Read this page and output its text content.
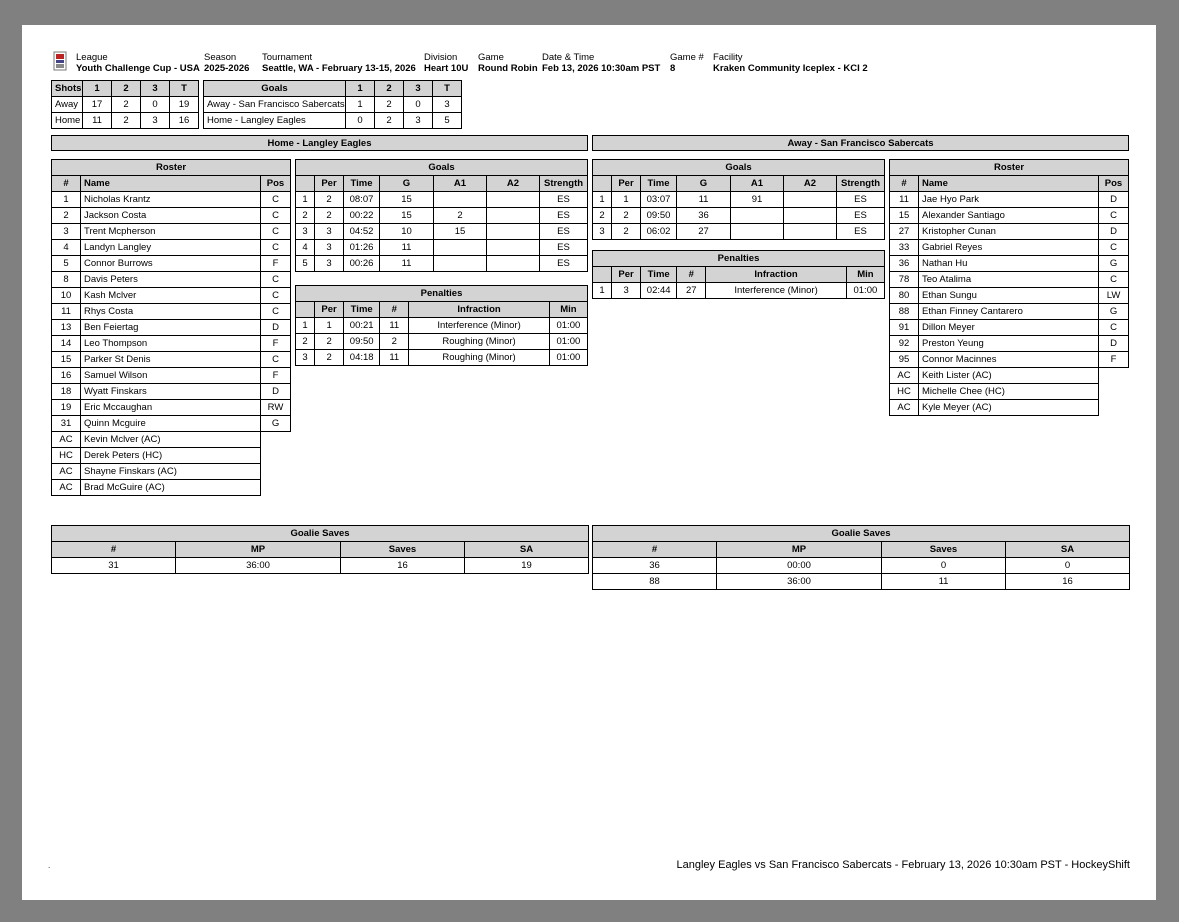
League
Youth Challenge Cup - USA
Season
2025-2026
Tournament
Seattle, WA - February 13-15, 2026
Division
Heart 10U
Game
Round Robin
Date & Time
Feb 13, 2026 10:30am PST
Game #
8
Facility
Kraken Community Iceplex - KCI 2
Shots	1	2	3	T
Away	17	2	0	19
Home	11	2	3	16
Goals	1	2	3	T
Away - San Francisco Sabercats	1	2	0	3
Home - Langley Eagles	0	2	3	5
Home - Langley Eagles	Away - San Francisco Sabercats
Roster		
#	Name	Pos
1	Nicholas Krantz	C
2	Jackson Costa	C
3	Trent Mcpherson	C
4	Landyn Langley	C
5	Connor Burrows	F
8	Davis Peters	C
10	Kash Mclver	C
11	Rhys Costa	C
13	Ben Feiertag	D
14	Leo Thompson	F
15	Parker St Denis	C
16	Samuel Wilson	F
18	Wyatt Finskars	D
19	Eric Mccaughan	RW
31	Quinn Mcguire	G
AC	Kevin Mclver (AC)	
HC	Derek Peters (HC)	
AC	Shayne Finskars (AC)	
AC	Brad McGuire (AC)	
Goals						
	Per	Time	G	A1	A2	Strength
1	2	08:07	15			ES
2	2	00:22	15	2		ES
3	3	04:52	10	15		ES
4	3	01:26	11			ES
5	3	00:26	11			ES
Penalties					
	Per	Time	#	Infraction	Min
1	1	00:21	11	Interference (Minor)	01:00
2	2	09:50	2	Roughing (Minor)	01:00
3	2	04:18	11	Roughing (Minor)	01:00
Goals						
	Per	Time	G	A1	A2	Strength
1	1	03:07	11	91		ES
2	2	09:50	36			ES
3	2	06:02	27			ES
Penalties					
	Per	Time	#	Infraction	Min
1	3	02:44	27	Interference (Minor)	01:00
Roster		
#	Name	Pos
11	Jae Hyo Park	D
15	Alexander Santiago	C
27	Kristopher Cunan	D
33	Gabriel Reyes	C
36	Nathan Hu	G
78	Teo Atalima	C
80	Ethan Sungu	LW
88	Ethan Finney Cantarero	G
91	Dillon Meyer	C
92	Preston Yeung	D
95	Connor Macinnes	F
AC	Keith Lister (AC)	
HC	Michelle Chee (HC)	
AC	Kyle Meyer (AC)	
Goalie Saves			
#	MP	Saves	SA
31	36:00	16	19
Goalie Saves			
#	MP	Saves	SA
36	00:00	0	0
88	36:00	11	16
.	Langley Eagles vs San Francisco Sabercats - February 13, 2026 10:30am PST - HockeyShift
